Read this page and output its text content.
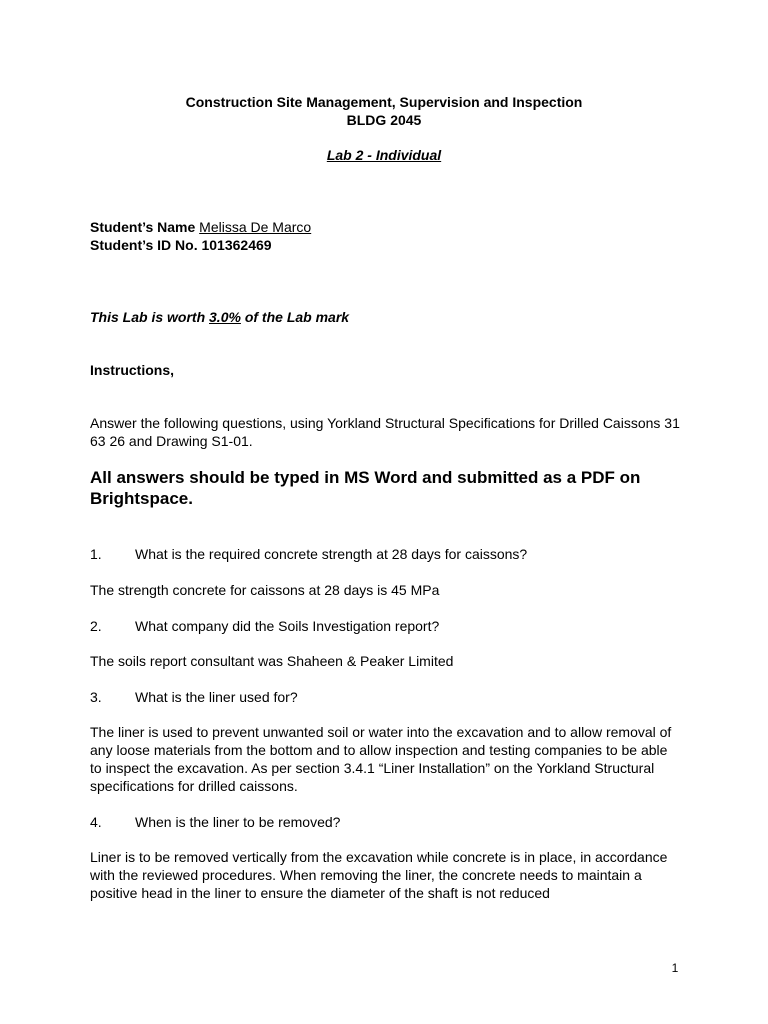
Construction Site Management, Supervision and Inspection
BLDG 2045
Lab 2 - Individual
Student’s Name Melissa De Marco
Student’s ID No. 101362469
This Lab is worth 3.0% of the Lab mark
Instructions,
Answer the following questions, using Yorkland Structural Specifications for Drilled Caissons 31 63 26 and Drawing S1-01.
All answers should be typed in MS Word and submitted as a PDF on Brightspace.
1.	What is the required concrete strength at 28 days for caissons?
The strength concrete for caissons at 28 days is 45 MPa
2.	What company did the Soils Investigation report?
The soils report consultant was Shaheen & Peaker Limited
3.	What is the liner used for?
The liner is used to prevent unwanted soil or water into the excavation and to allow removal of any loose materials from the bottom and to allow inspection and testing companies to be able to inspect the excavation. As per section 3.4.1 “Liner Installation” on the Yorkland Structural specifications for drilled caissons.
4.	When is the liner to be removed?
Liner is to be removed vertically from the excavation while concrete is in place, in accordance with the reviewed procedures. When removing the liner, the concrete needs to maintain a positive head in the liner to ensure the diameter of the shaft is not reduced
1
